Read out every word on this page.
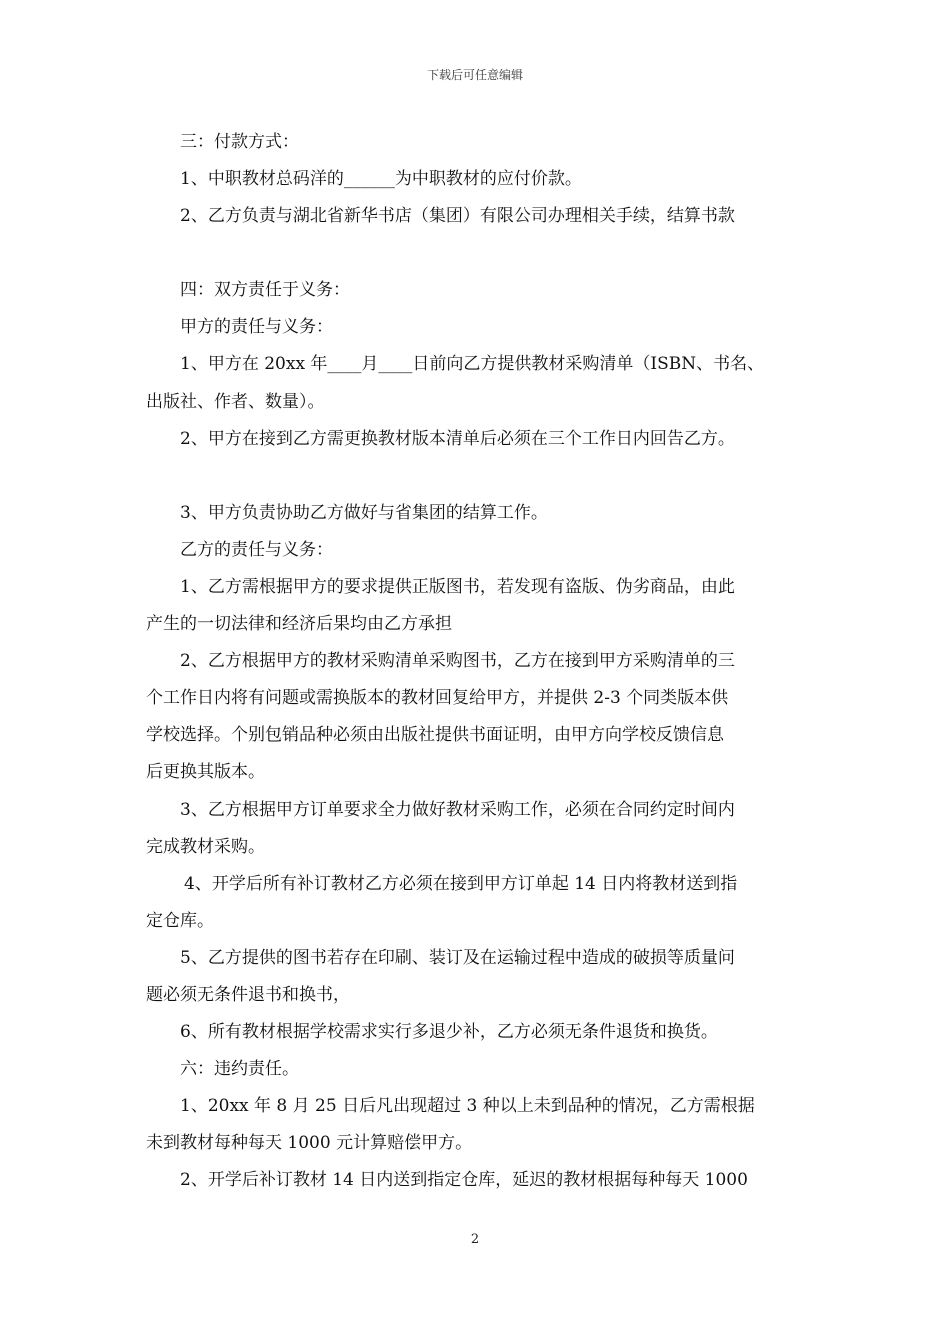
下载后可任意编辑
三：付款方式：
1、中职教材总码洋的______为中职教材的应付价款。
2、乙方负责与湖北省新华书店（集团）有限公司办理相关手续，结算书款
四：双方责任于义务：
甲方的责任与义务：
1、甲方在 20xx 年____月____日前向乙方提供教材采购清单（ISBN、书名、
出版社、作者、数量）。
2、甲方在接到乙方需更换教材版本清单后必须在三个工作日内回告乙方。
3、甲方负责协助乙方做好与省集团的结算工作。
乙方的责任与义务：
1、乙方需根据甲方的要求提供正版图书，若发现有盗版、伪劣商品，由此
产生的一切法律和经济后果均由乙方承担
2、乙方根据甲方的教材采购清单采购图书，乙方在接到甲方采购清单的三
个工作日内将有问题或需换版本的教材回复给甲方，并提供 2-3 个同类版本供
学校选择。个别包销品种必须由出版社提供书面证明，由甲方向学校反馈信息
后更换其版本。
3、乙方根据甲方订单要求全力做好教材采购工作，必须在合同约定时间内
完成教材采购。
4、开学后所有补订教材乙方必须在接到甲方订单起 14 日内将教材送到指
定仓库。
5、乙方提供的图书若存在印刷、装订及在运输过程中造成的破损等质量问
题必须无条件退书和换书，
6、所有教材根据学校需求实行多退少补，乙方必须无条件退货和换货。
六：违约责任。
1、20xx 年 8 月 25 日后凡出现超过 3 种以上未到品种的情况，乙方需根据
未到教材每种每天 1000 元计算赔偿甲方。
2、开学后补订教材 14 日内送到指定仓库，延迟的教材根据每种每天 1000
2
